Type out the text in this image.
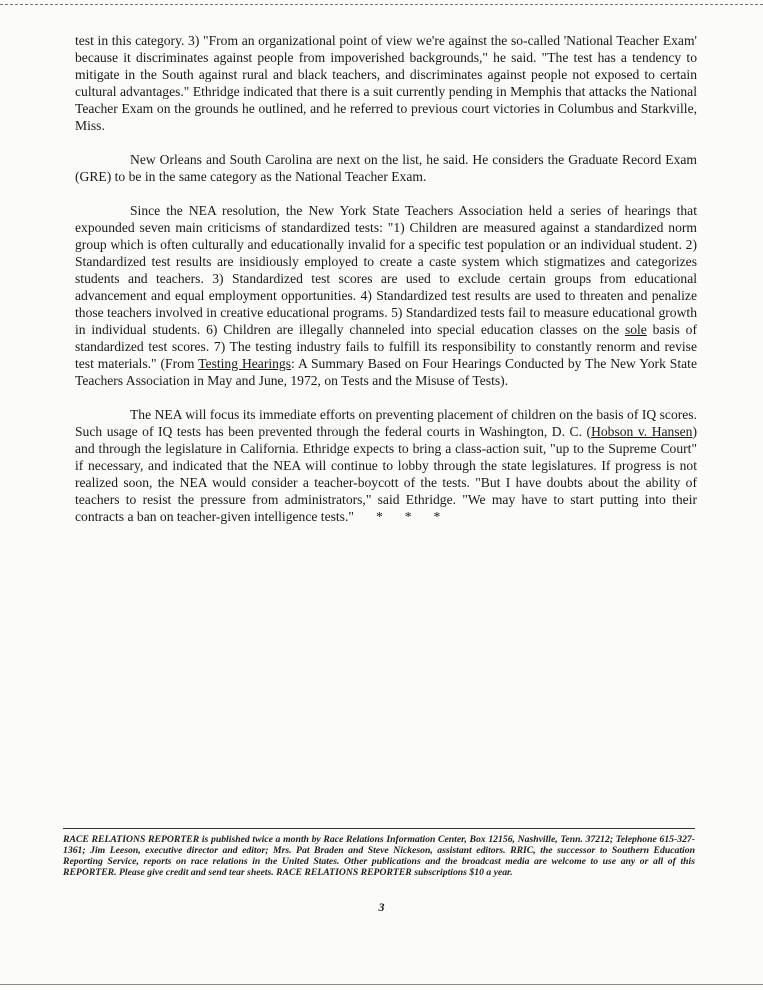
test in this category. 3) "From an organizational point of view we're against the so-called 'National Teacher Exam' because it discriminates against people from impoverished backgrounds," he said. "The test has a tendency to mitigate in the South against rural and black teachers, and discriminates against people not exposed to certain cultural advantages." Ethridge indicated that there is a suit currently pending in Memphis that attacks the National Teacher Exam on the grounds he outlined, and he referred to previous court victories in Columbus and Starkville, Miss.

New Orleans and South Carolina are next on the list, he said. He considers the Graduate Record Exam (GRE) to be in the same category as the National Teacher Exam.

Since the NEA resolution, the New York State Teachers Association held a series of hearings that expounded seven main criticisms of standardized tests: "1) Children are measured against a standardized norm group which is often culturally and educationally invalid for a specific test population or an individual student. 2) Standardized test results are insidiously employed to create a caste system which stigmatizes and categorizes students and teachers. 3) Standardized test scores are used to exclude certain groups from educational advancement and equal employment opportunities. 4) Standardized test results are used to threaten and penalize those teachers involved in creative educational programs. 5) Standardized tests fail to measure educational growth in individual students. 6) Children are illegally channeled into special education classes on the sole basis of standardized test scores. 7) The testing industry fails to fulfill its responsibility to constantly renorm and revise test materials." (From Testing Hearings: A Summary Based on Four Hearings Conducted by The New York State Teachers Association in May and June, 1972, on Tests and the Misuse of Tests).

The NEA will focus its immediate efforts on preventing placement of children on the basis of IQ scores. Such usage of IQ tests has been prevented through the federal courts in Washington, D. C. (Hobson v. Hansen) and through the legislature in California. Ethridge expects to bring a class-action suit, "up to the Supreme Court" if necessary, and indicated that the NEA will continue to lobby through the state legislatures. If progress is not realized soon, the NEA would consider a teacher-boycott of the tests. "But I have doubts about the ability of teachers to resist the pressure from administrators," said Ethridge. "We may have to start putting into their contracts a ban on teacher-given intelligence tests." * * *

RACE RELATIONS REPORTER is published twice a month by Race Relations Information Center, Box 12156, Nashville, Tenn. 37212; Telephone 615-327-1361; Jim Leeson, executive director and editor; Mrs. Pat Braden and Steve Nickeson, assistant editors. RRIC, the successor to Southern Education Reporting Service, reports on race relations in the United States. Other publications and the broadcast media are welcome to use any or all of this REPORTER. Please give credit and send tear sheets. RACE RELATIONS REPORTER subscriptions $10 a year.
3
